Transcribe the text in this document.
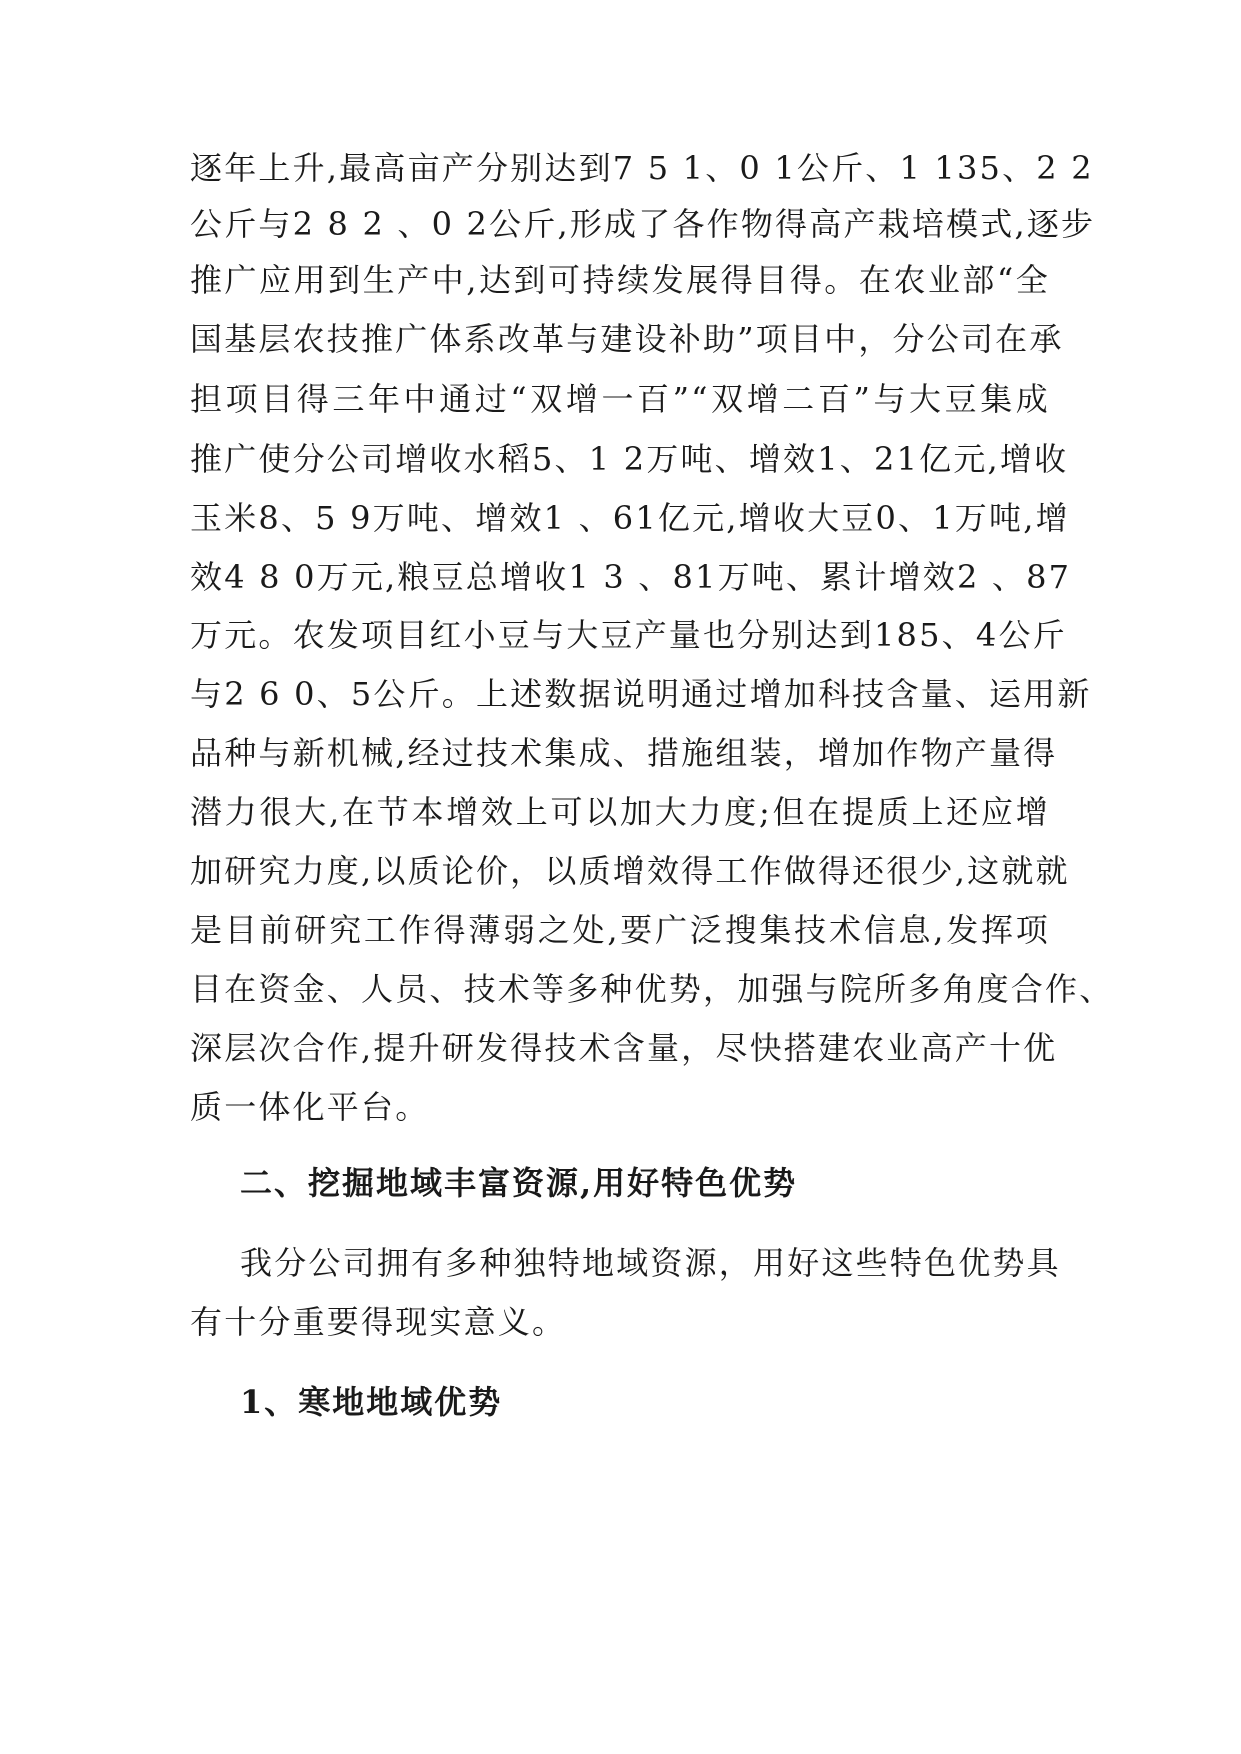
逐年上升,最高亩产分别达到7 5 1、0 1公斤、1 135、2 2
公斤与2 8 2 、0 2公斤,形成了各作物得高产栽培模式,逐步
推广应用到生产中,达到可持续发展得目得。在农业部“全
国基层农技推广体系改革与建设补助”项目中，分公司在承
担项目得三年中通过“双增一百”“双增二百”与大豆集成
推广使分公司增收水稻5、1 2万吨、增效1、21亿元,增收
玉米8、5 9万吨、增效1 、61亿元,增收大豆0、1万吨,增
效4 8 0万元,粮豆总增收1 3 、81万吨、累计增效2 、87
万元。农发项目红小豆与大豆产量也分别达到185、4公斤
与2 6 0、5公斤。上述数据说明通过增加科技含量、运用新
品种与新机械,经过技术集成、措施组装，增加作物产量得
潜力很大,在节本增效上可以加大力度;但在提质上还应增
加研究力度,以质论价，以质增效得工作做得还很少,这就就
是目前研究工作得薄弱之处,要广泛搜集技术信息,发挥项
目在资金、人员、技术等多种优势，加强与院所多角度合作、
深层次合作,提升研发得技术含量，尽快搭建农业高产十优
质一体化平台。
二、挖掘地域丰富资源,用好特色优势
我分公司拥有多种独特地域资源，用好这些特色优势具
有十分重要得现实意义。
1、寒地地域优势
